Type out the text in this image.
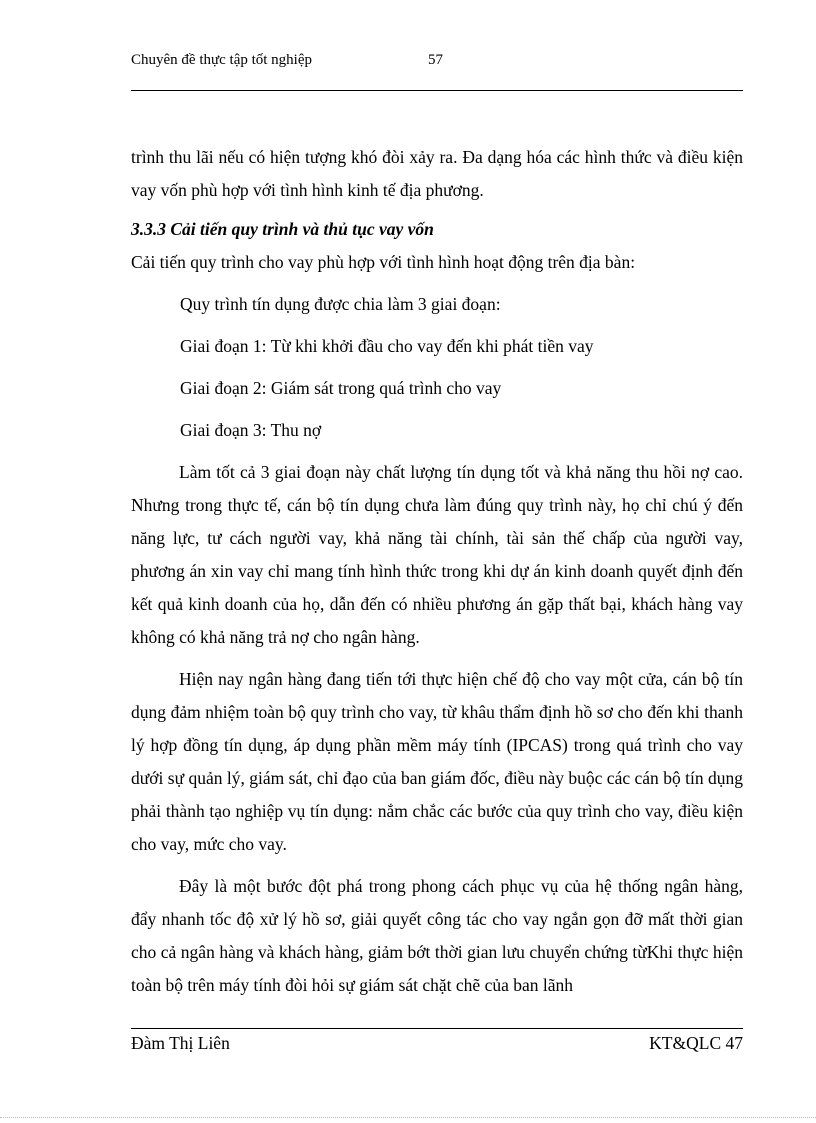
Chuyên đề thực tập tốt nghiệp	57

trình thu lãi nếu có hiện tượng khó đòi xảy ra. Đa dạng hóa các hình thức và điều kiện vay vốn phù hợp với tình hình kinh tế địa phương.

3.3.3 Cải tiến quy trình và thủ tục vay vốn

Cải tiến quy trình cho vay phù hợp với tình hình hoạt động trên địa bàn:

Quy trình tín dụng được chia làm 3 giai đoạn:

Giai đoạn 1: Từ khi khởi đầu cho vay đến khi phát tiền vay

Giai đoạn 2: Giám sát trong quá trình cho vay

Giai đoạn 3: Thu nợ

Làm tốt cả 3 giai đoạn này chất lượng tín dụng tốt và khả năng thu hồi nợ cao. Nhưng trong thực tế, cán bộ tín dụng chưa làm đúng quy trình này, họ chỉ chú ý đến năng lực, tư cách người vay, khả năng tài chính, tài sản thế chấp của người vay, phương án xin vay chỉ mang tính hình thức trong khi dự án kinh doanh quyết định đến kết quả kinh doanh của họ, dẫn đến có nhiều phương án gặp thất bại, khách hàng vay không có khả năng trả nợ cho ngân hàng.

Hiện nay ngân hàng đang tiến tới thực hiện chế độ cho vay một cửa, cán bộ tín dụng đảm nhiệm toàn bộ quy trình cho vay, từ khâu thẩm định hồ sơ cho đến khi thanh lý hợp đồng tín dụng, áp dụng phần mềm máy tính (IPCAS) trong quá trình cho vay dưới sự quản lý, giám sát, chỉ đạo của ban giám đốc, điều này buộc các cán bộ tín dụng phải thành tạo nghiệp vụ tín dụng: nắm chắc các bước của quy trình cho vay, điều kiện cho vay, mức cho vay.

Đây là một bước đột phá trong phong cách phục vụ của hệ thống ngân hàng, đẩy nhanh tốc độ xử lý hồ sơ, giải quyết công tác cho vay ngắn gọn đỡ mất thời gian cho cả ngân hàng và khách hàng, giảm bớt thời gian lưu chuyển chứng từKhi thực hiện toàn bộ trên máy tính đòi hỏi sự giám sát chặt chẽ của ban lãnh

Đàm Thị Liên	KT&QLC 47
